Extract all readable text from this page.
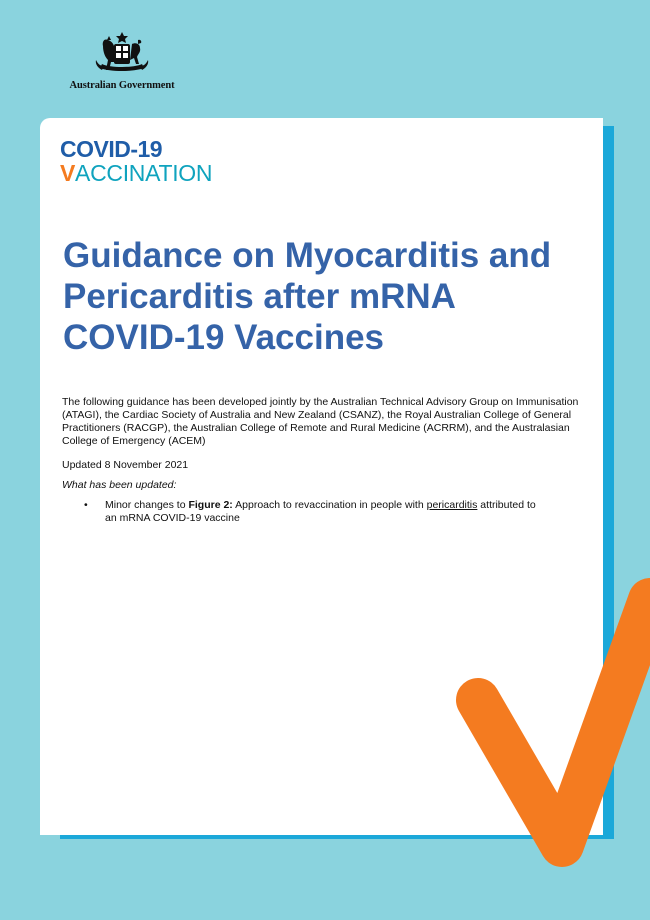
Australian Government
COVID-19
VACCINATION
Guidance on Myocarditis and Pericarditis after mRNA COVID-19 Vaccines

The following guidance has been developed jointly by the Australian Technical Advisory Group on Immunisation (ATAGI), the Cardiac Society of Australia and New Zealand (CSANZ), the Royal Australian College of General Practitioners (RACGP), the Australian College of Remote and Rural Medicine (ACRRM), and the Australasian College of Emergency (ACEM)

Updated 8 November 2021

What has been updated:

•	Minor changes to Figure 2: Approach to revaccination in people with pericarditis attributed to an mRNA COVID-19 vaccine
